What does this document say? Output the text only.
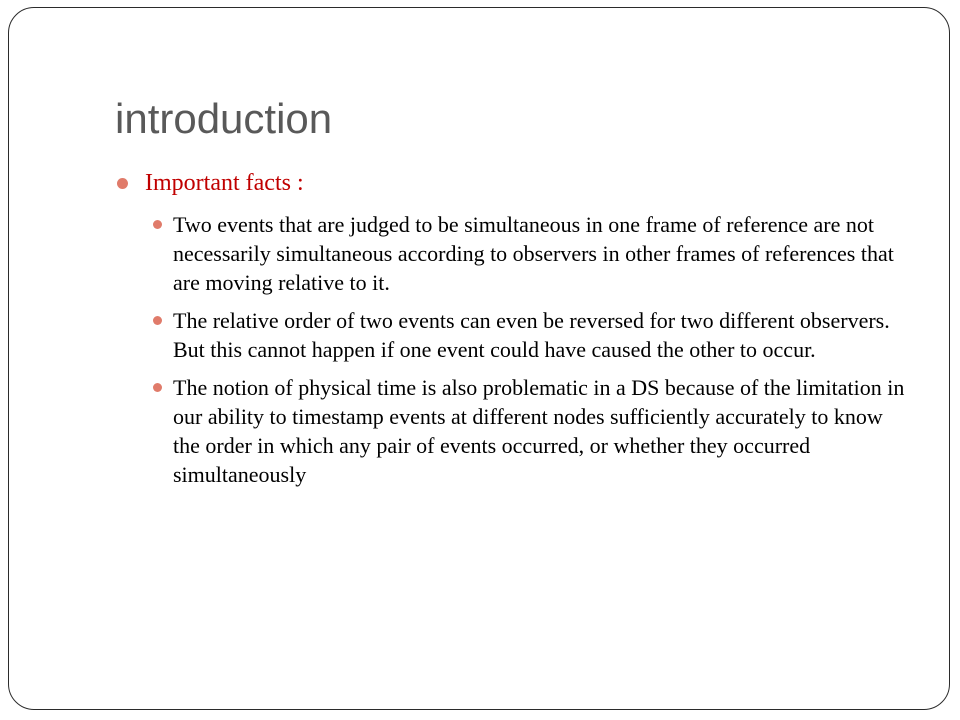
introduction
Important facts :
Two events that are judged to be simultaneous in one frame of reference are not necessarily simultaneous according to observers in other frames of references that are moving relative to it.
The relative order of two events can even be reversed for two different observers. But this cannot happen if one event could have caused the other to occur.
The notion of physical time is also problematic in a DS because of the limitation in our ability to timestamp events at different nodes sufficiently accurately to know the order in which any pair of events occurred, or whether they occurred simultaneously
